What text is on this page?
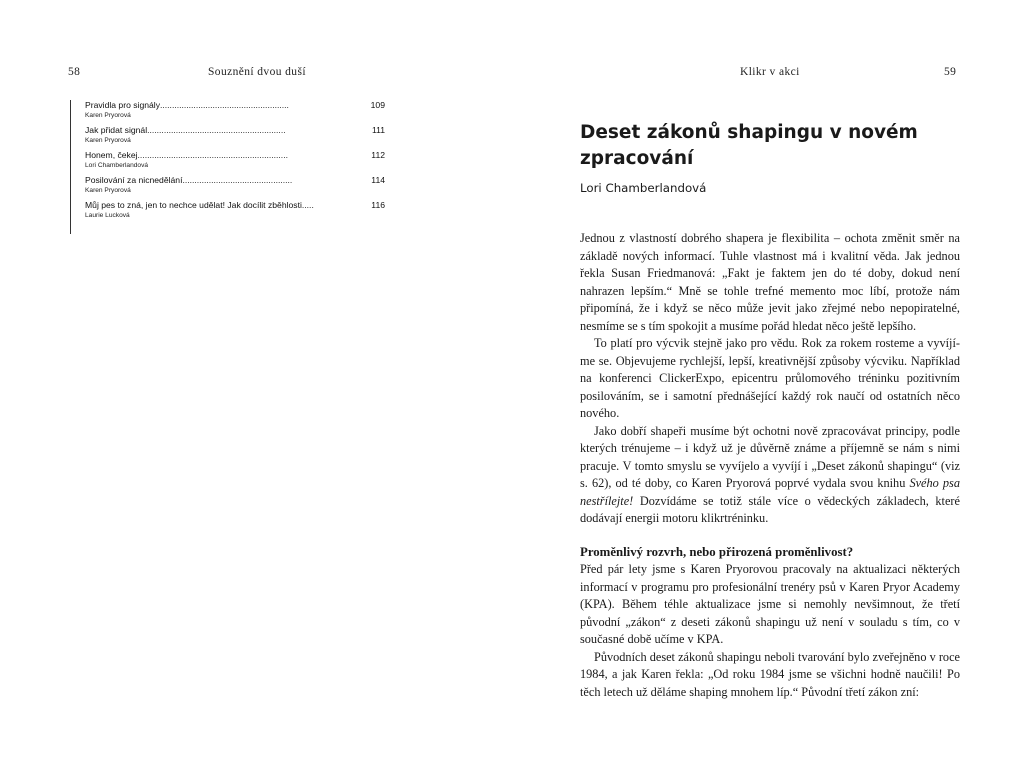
58	Souznění dvou duší
Pravidla pro signály ......................................................	109
Karen Pryorová
Jak přidat signál ..........................................................	111
Karen Pryorová
Honem, čekej ...............................................................	112
Lori Chamberlandová
Posilování za nicnedělání ..............................................	114
Karen Pryorová
Můj pes to zná, jen to nechce udělat! Jak docílit zběhlosti .....	116
Laurie Lucková
Klikr v akci	59
Deset zákonů shapingu v novém zpracování
Lori Chamberlandová

Jednou z vlastností dobrého shapera je flexibilita – ochota změnit směr na základě nových informací. Tuhle vlastnost má i kvalitní věda. Jak jednou řekla Susan Friedmanová: „Fakt je faktem jen do té doby, dokud není nahrazen lepším.“ Mně se tohle trefné memento moc líbí, protože nám připomíná, že i když se něco může jevit jako zřejmé nebo nepopiratelné, nesmíme se s tím spokojit a musíme pořád hledat něco ještě lepšího.

To platí pro výcvik stejně jako pro vědu. Rok za rokem rosteme a vyvíjíme se. Objevujeme rychlejší, lepší, kreativnější způsoby výcviku. Například na konferenci ClickerExpo, epicentru průlomového tréninku pozitivním posilováním, se i samotní přednášející každý rok naučí od ostatních něco nového.

Jako dobří shapeři musíme být ochotni nově zpracovávat principy, podle kterých trénujeme – i když už je důvěrně známe a příjemně se nám s nimi pracuje. V tomto smyslu se vyvíjelo a vyvíjí i „Deset zákonů shapingu“ (viz s. 62), od té doby, co Karen Pryorová poprvé vydala svou knihu Svého psa nestřílejte! Dozvídáme se totiž stále více o vědeckých základech, které dodávají energii motoru klikrtréninku.

Proměnlivý rozvrh, nebo přirozená proměnlivost?

Před pár lety jsme s Karen Pryorovou pracovaly na aktualizaci některých informací v programu pro profesionální trenéry psů v Karen Pryor Academy (KPA). Během téhle aktualizace jsme si nemohly nevšimnout, že třetí původní „zákon“ z deseti zákonů shapingu už není v souladu s tím, co v současné době učíme v KPA.

Původních deset zákonů shapingu neboli tvarování bylo zveřejněno v roce 1984, a jak Karen řekla: „Od roku 1984 jsme se všichni hodně naučili! Po těch letech už děláme shaping mnohem líp.“ Původní třetí zákon zní:
